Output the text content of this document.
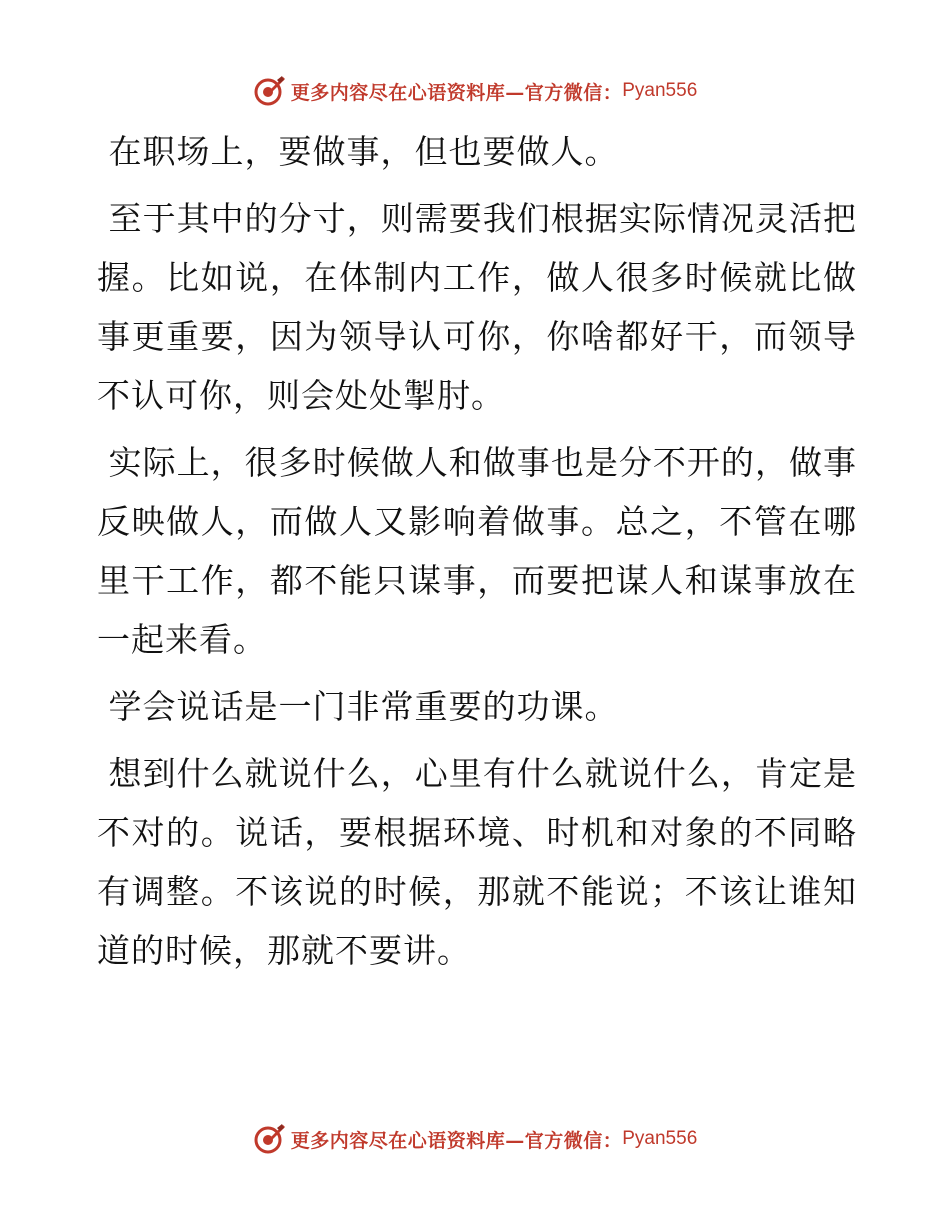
更多内容尽在心语资料库—官方微信： Pyan556

在职场上，要做事，但也要做人。

至于其中的分寸，则需要我们根据实际情况灵活把握。比如说，在体制内工作，做人很多时候就比做事更重要，因为领导认可你，你啥都好干，而领导不认可你，则会处处掣肘。

实际上，很多时候做人和做事也是分不开的，做事反映做人，而做人又影响着做事。总之，不管在哪里干工作，都不能只谋事，而要把谋人和谋事放在一起来看。

学会说话是一门非常重要的功课。

想到什么就说什么，心里有什么就说什么，肯定是不对的。说话，要根据环境、时机和对象的不同略有调整。不该说的时候，那就不能说；不该让谁知道的时候，那就不要讲。

更多内容尽在心语资料库—官方微信： Pyan556
